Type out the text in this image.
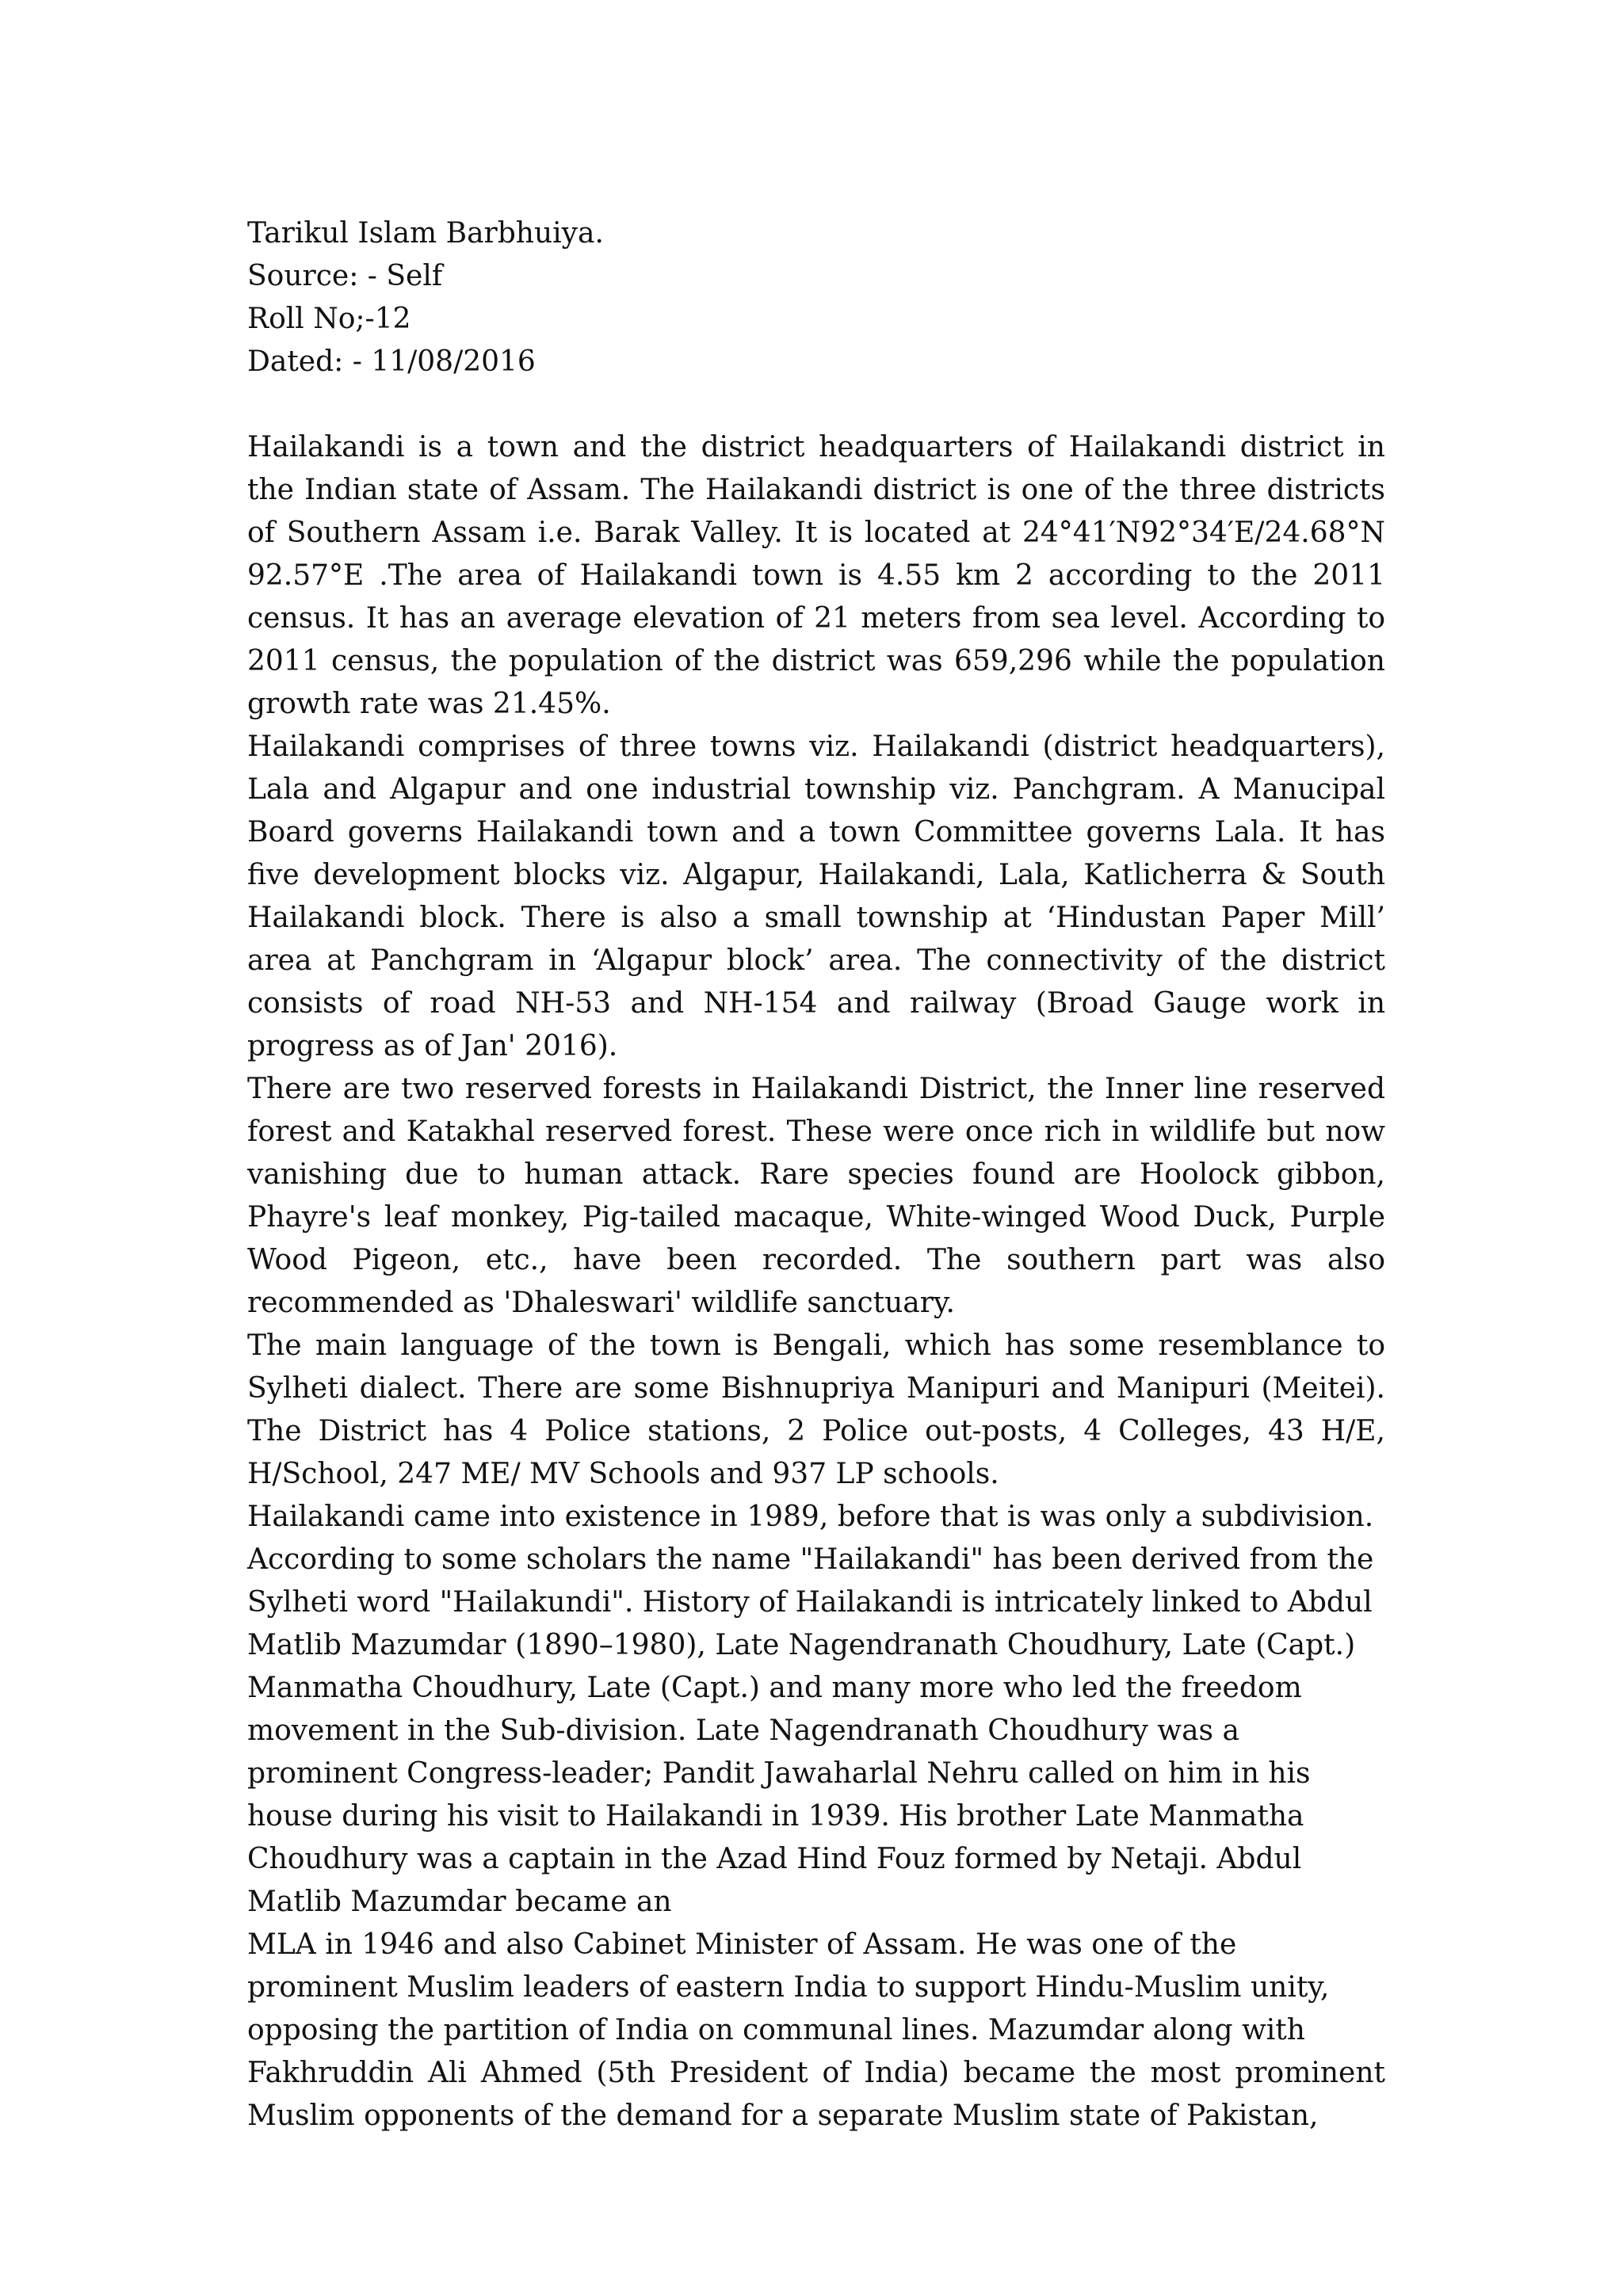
Tarikul Islam Barbhuiya.
Source: - Self
Roll No;-12
Dated: - 11/08/2016

Hailakandi is a town and the district headquarters of Hailakandi district in the Indian state of Assam. The Hailakandi district is one of the three districts of Southern Assam i.e. Barak Valley. It is located at 24°41′N92°34′E/24.68°N 92.57°E .The area of Hailakandi town is 4.55 km 2 according to the 2011 census. It has an average elevation of 21 meters from sea level. According to 2011 census, the population of the district was 659,296 while the population growth rate was 21.45%.

Hailakandi comprises of three towns viz. Hailakandi (district headquarters), Lala and Algapur and one industrial township viz. Panchgram. A Manucipal Board governs Hailakandi town and a town Committee governs Lala. It has five development blocks viz. Algapur, Hailakandi, Lala, Katlicherra & South Hailakandi block. There is also a small township at ‘Hindustan Paper Mill’ area at Panchgram in ‘Algapur block’ area. The connectivity of the district consists of road NH-53 and NH-154 and railway (Broad Gauge work in progress as of Jan' 2016).

There are two reserved forests in Hailakandi District, the Inner line reserved forest and Katakhal reserved forest. These were once rich in wildlife but now vanishing due to human attack. Rare species found are Hoolock gibbon, Phayre's leaf monkey, Pig-tailed macaque, White-winged Wood Duck, Purple Wood Pigeon, etc., have been recorded. The southern part was also recommended as 'Dhaleswari' wildlife sanctuary.

The main language of the town is Bengali, which has some resemblance to Sylheti dialect. There are some Bishnupriya Manipuri and Manipuri (Meitei). The District has 4 Police stations, 2 Police out-posts, 4 Colleges, 43 H/E, H/School, 247 ME/ MV Schools and 937 LP schools.

Hailakandi came into existence in 1989, before that is was only a subdivision. According to some scholars the name "Hailakandi" has been derived from the Sylheti word "Hailakundi". History of Hailakandi is intricately linked to Abdul Matlib Mazumdar (1890–1980), Late Nagendranath Choudhury, Late (Capt.) Manmatha Choudhury, Late (Capt.) and many more who led the freedom movement in the Sub-division. Late Nagendranath Choudhury was a prominent Congress-leader; Pandit Jawaharlal Nehru called on him in his house during his visit to Hailakandi in 1939. His brother Late Manmatha Choudhury was a captain in the Azad Hind Fouz formed by Netaji. Abdul Matlib Mazumdar became an

MLA in 1946 and also Cabinet Minister of Assam. He was one of the prominent Muslim leaders of eastern India to support Hindu-Muslim unity, opposing the partition of India on communal lines. Mazumdar along with

Fakhruddin Ali Ahmed (5th President of India) became the most prominent Muslim opponents of the demand for a separate Muslim state of Pakistan,
